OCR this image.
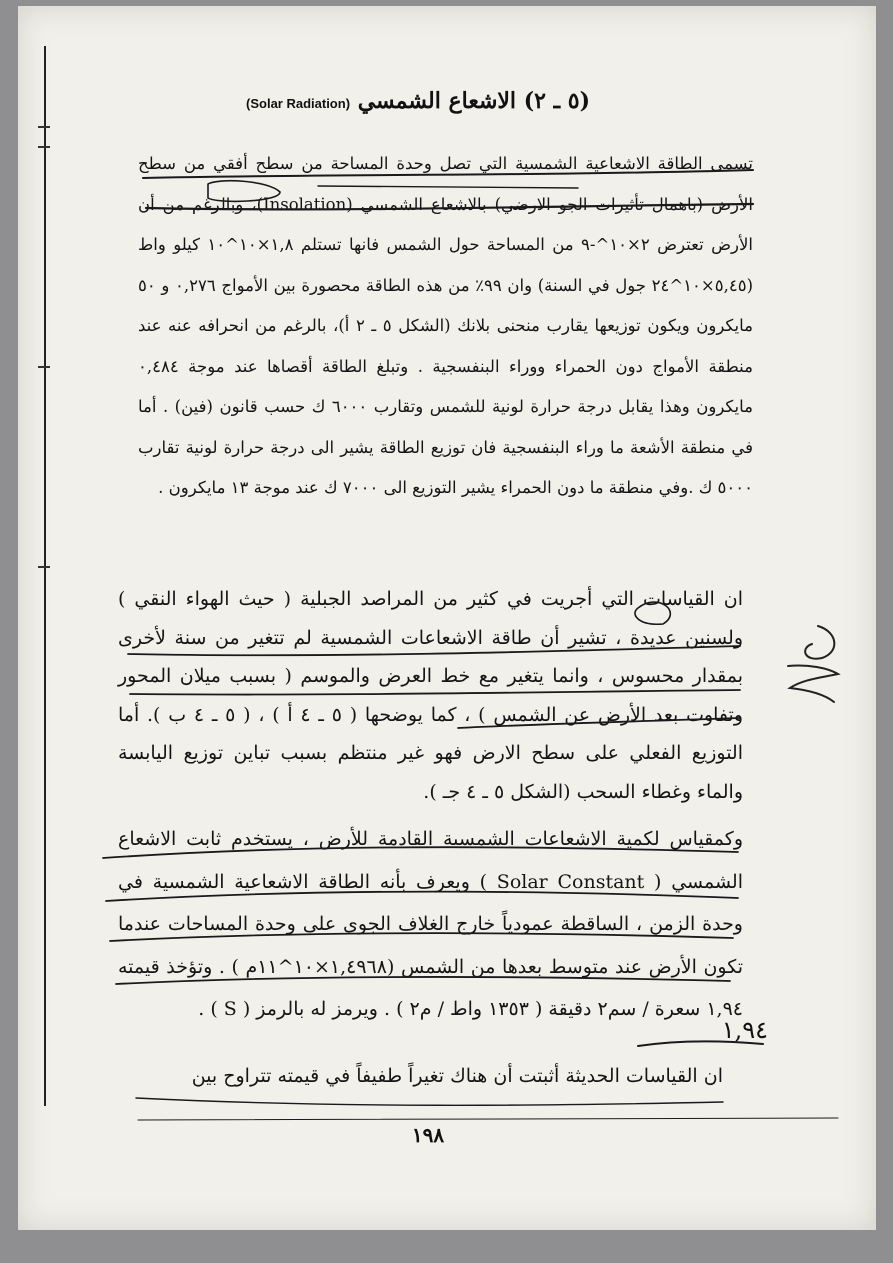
(٥ ـ ٢) الاشعاع الشمسي (Solar Radiation)
تسمى الطاقة الاشعاعية الشمسية التي تصل وحدة المساحة من سطح أفقي من سطح الأرض (باهمال تأثيرات الجو الارضي) بالاشعاع الشمسي (Insolation)، وبالرغم من أن الأرض تعترض ٢×١٠^-٩ من المساحة حول الشمس فانها تستلم ١,٨×١٠^١٠ كيلو واط (٥,٤٥×١٠^٢٤ جول في السنة) وان ٩٩٪ من هذه الطاقة محصورة بين الأمواج ٠,٢٧٦ و ٥٠ مايكرون ويكون توزيعها يقارب منحنى بلانك (الشكل ٥ ـ ٢ أ)، بالرغم من انحرافه عنه عند منطقة الأمواج دون الحمراء ووراء البنفسجية . وتبلغ الطاقة أقصاها عند موجة ٠,٤٨٤ مايكرون وهذا يقابل درجة حرارة لونية للشمس وتقارب ٦٠٠٠ ك حسب قانون (فين) . أما في منطقة الأشعة ما وراء البنفسجية فان توزيع الطاقة يشير الى درجة حرارة لونية تقارب ٥٠٠٠ ك .وفي منطقة ما دون الحمراء يشير التوزيع الى ٧٠٠٠ ك عند موجة ١٣ مايكرون .
ان القياسات التي أجريت في كثير من المراصد الجبلية ( حيث الهواء النقي ) ولسنين عديدة ، تشير أن طاقة الاشعاعات الشمسية لم تتغير من سنة لأخرى بمقدار محسوس ، وانما يتغير مع خط العرض والموسم ( بسبب ميلان المحور وتفاوت بعد الأرض عن الشمس ) ، كما يوضحها ( ٥ ـ ٤ أ ) ، ( ٥ ـ ٤ ب ). أما التوزيع الفعلي على سطح الارض فهو غير منتظم بسبب تباين توزيع اليابسة والماء وغطاء السحب (الشكل ٥ ـ ٤ جـ ).
وكمقياس لكمية الاشعاعات الشمسية القادمة للأرض ، يستخدم ثابت الاشعاع الشمسي ( Solar Constant ) ويعرف بأنه الطاقة الاشعاعية الشمسية في وحدة الزمن ، الساقطة عمودياً خارج الغلاف الجوي على وحدة المساحات عندما تكون الأرض عند متوسط بعدها من الشمس (١,٤٩٦٨×١٠^١١م ) . وتؤخذ قيمته ١,٩٤ سعرة / سم٢ دقيقة ( ١٣٥٣ واط / م٢ ) . ويرمز له بالرمز ( S ) .
١,٩٤
ان القياسات الحديثة أثبتت أن هناك تغيراً طفيفاً في قيمته تتراوح بين
١٩٨
